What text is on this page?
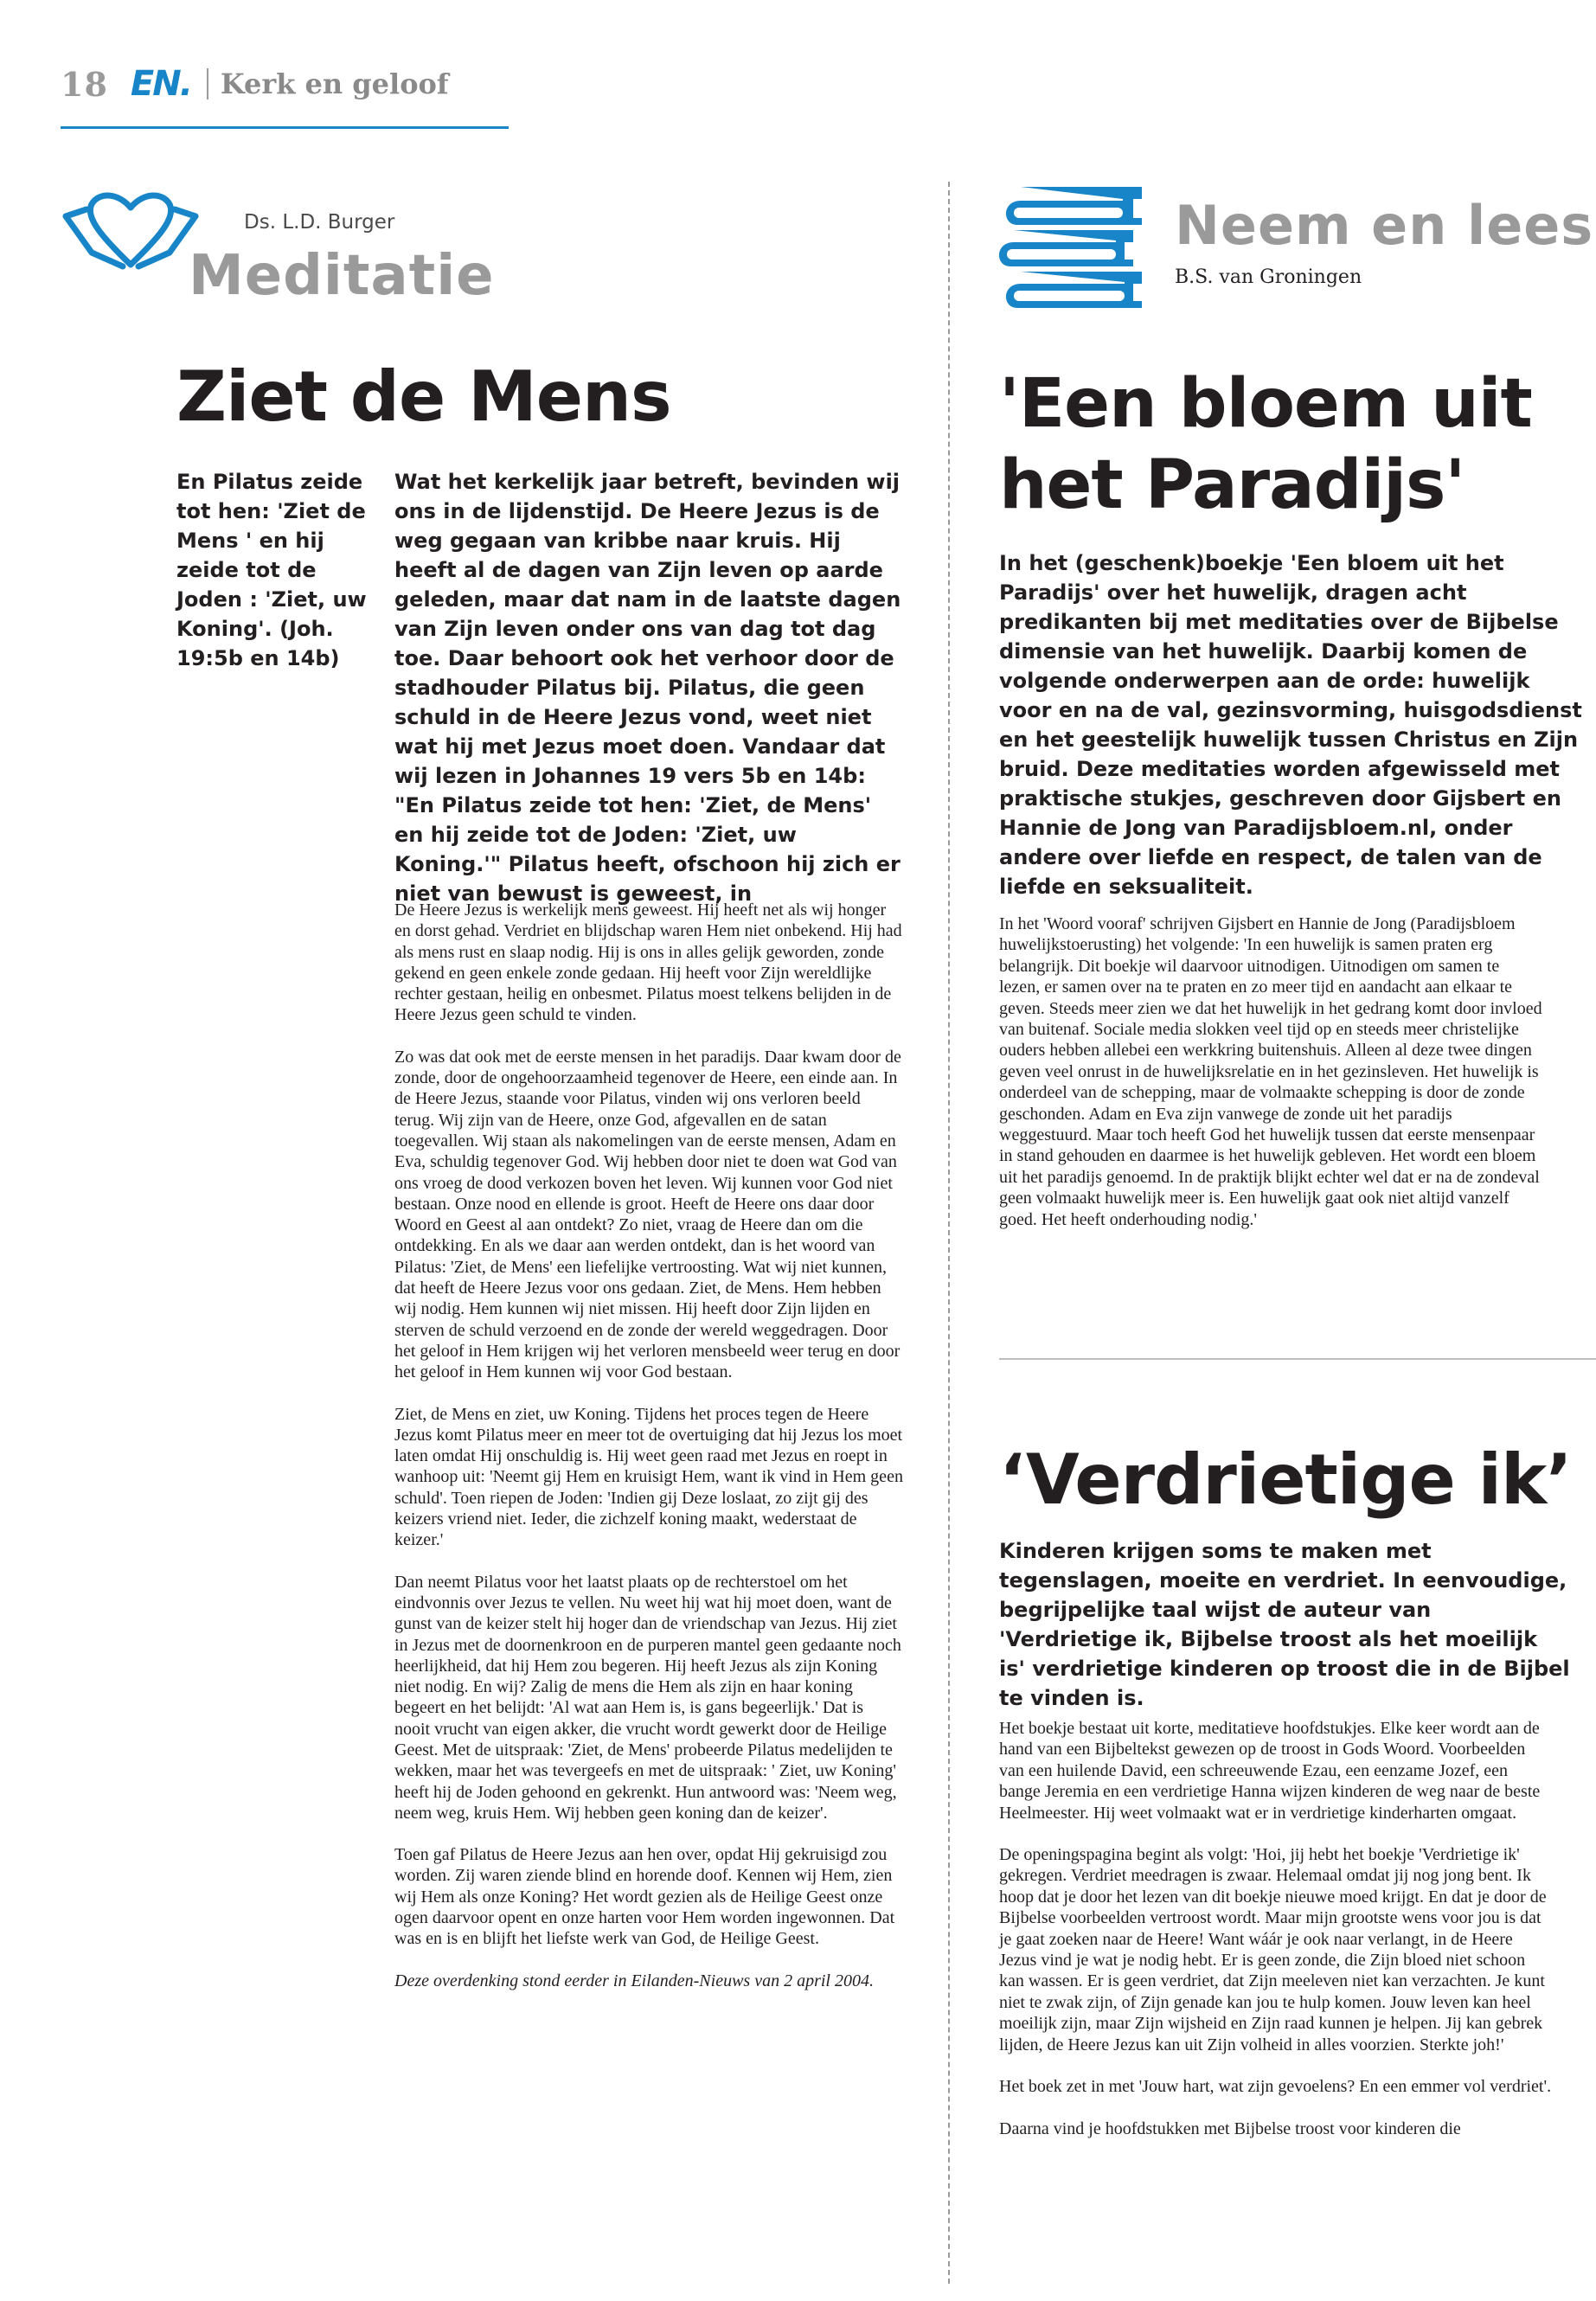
18 EN. Kerk en geloof
Ds. L.D. Burger
Meditatie
Ziet de Mens
En Pilatus zeide tot hen: 'Ziet de Mens ' en hij zeide tot de Joden : 'Ziet, uw Koning'. (Joh. 19:5b en 14b)
Wat het kerkelijk jaar betreft, bevinden wij ons in de lijdenstijd. De Heere Jezus is de weg gegaan van kribbe naar kruis. Hij heeft al de dagen van Zijn leven op aarde geleden, maar dat nam in de laatste dagen van Zijn leven onder ons van dag tot dag toe. Daar behoort ook het verhoor door de stadhouder Pilatus bij. Pilatus, die geen schuld in de Heere Jezus vond, weet niet wat hij met Jezus moet doen. Vandaar dat wij lezen in Johannes 19 vers 5b en 14b: "En Pilatus zeide tot hen: 'Ziet, de Mens' en hij zeide tot de Joden: 'Ziet, uw Koning.'" Pilatus heeft, ofschoon hij zich er niet van bewust is geweest, in

De Heere Jezus is werkelijk mens geweest. Hij heeft net als wij honger en dorst gehad. Verdriet en blijdschap waren Hem niet onbekend. Hij had als mens rust en slaap nodig. Hij is ons in alles gelijk geworden, zonde gekend en geen enkele zonde gedaan. Hij heeft voor Zijn wereldlijke rechter gestaan, heilig en onbesmet. Pilatus moest telkens belijden in de Heere Jezus geen schuld te vinden.

Zo was dat ook met de eerste mensen in het paradijs. Daar kwam door de zonde, door de ongehoorzaamheid tegenover de Heere, een einde aan. In de Heere Jezus, staande voor Pilatus, vinden wij ons verloren beeld terug. Wij zijn van de Heere, onze God, afgevallen en de satan toegevallen. Wij staan als nakomelingen van de eerste mensen, Adam en Eva, schuldig tegenover God. Wij hebben door niet te doen wat God van ons vroeg de dood verkozen boven het leven. Wij kunnen voor God niet bestaan. Onze nood en ellende is groot. Heeft de Heere ons daar door Woord en Geest al aan ontdekt? Zo niet, vraag de Heere dan om die ontdekking. En als we daar aan werden ontdekt, dan is het woord van Pilatus: 'Ziet, de Mens' een liefelijke vertroosting. Wat wij niet kunnen, dat heeft de Heere Jezus voor ons gedaan. Ziet, de Mens. Hem hebben wij nodig. Hem kunnen wij niet missen. Hij heeft door Zijn lijden en sterven de schuld verzoend en de zonde der wereld weggedragen. Door het geloof in Hem krijgen wij het verloren mensbeeld weer terug en door het geloof in Hem kunnen wij voor God bestaan.

Ziet, de Mens en ziet, uw Koning. Tijdens het proces tegen de Heere Jezus komt Pilatus meer en meer tot de overtuiging dat hij Jezus los moet laten omdat Hij onschuldig is. Hij weet geen raad met Jezus en roept in wanhoop uit: 'Neemt gij Hem en kruisigt Hem, want ik vind in Hem geen schuld'. Toen riepen de Joden: 'Indien gij Deze loslaat, zo zijt gij des keizers vriend niet. Ieder, die zichzelf koning maakt, wederstaat de keizer.'

Dan neemt Pilatus voor het laatst plaats op de rechterstoel om het eindvonnis over Jezus te vellen. Nu weet hij wat hij moet doen, want de gunst van de keizer stelt hij hoger dan de vriendschap van Jezus. Hij ziet in Jezus met de doornenkroon en de purperen mantel geen gedaante noch heerlijkheid, dat hij Hem zou begeren. Hij heeft Jezus als zijn Koning niet nodig. En wij? Zalig de mens die Hem als zijn en haar koning begeert en het belijdt: 'Al wat aan Hem is, is gans begeerlijk.' Dat is nooit vrucht van eigen akker, die vrucht wordt gewerkt door de Heilige Geest. Met de uitspraak: 'Ziet, de Mens' probeerde Pilatus medelijden te wekken, maar het was tevergeefs en met de uitspraak: ' Ziet, uw Koning' heeft hij de Joden gehoond en gekrenkt. Hun antwoord was: 'Neem weg, neem weg, kruis Hem. Wij hebben geen koning dan de keizer'.

Toen gaf Pilatus de Heere Jezus aan hen over, opdat Hij gekruisigd zou worden. Zij waren ziende blind en horende doof. Kennen wij Hem, zien wij Hem als onze Koning? Het wordt gezien als de Heilige Geest onze ogen daarvoor opent en onze harten voor Hem worden ingewonnen. Dat was en is en blijft het liefste werk van God, de Heilige Geest.

Deze overdenking stond eerder in Eilanden-Nieuws van 2 april 2004.

Neem en lees
B.S. van Groningen
'Een bloem uit
het Paradijs'
In het (geschenk)boekje 'Een bloem uit het Paradijs' over het huwelijk, dragen acht predikanten bij met meditaties over de Bijbelse dimensie van het huwelijk. Daarbij komen de volgende onderwerpen aan de orde: huwelijk voor en na de val, gezinsvorming, huisgodsdienst en het geestelijk huwelijk tussen Christus en Zijn bruid. Deze meditaties worden afgewisseld met praktische stukjes, geschreven door Gijsbert en Hannie de Jong van Paradijsbloem.nl, onder andere over liefde en respect, de talen van de liefde en seksualiteit.
In het 'Woord vooraf' schrijven Gijsbert en Hannie de Jong (Paradijsbloem huwelijkstoerusting) het volgende: 'In een huwelijk is samen praten erg belangrijk. Dit boekje wil daarvoor uitnodigen. Uitnodigen om samen te lezen, er samen over na te praten en zo meer tijd en aandacht aan elkaar te geven. Steeds meer zien we dat het huwelijk in het gedrang komt door invloed van buitenaf. Sociale media slokken veel tijd op en steeds meer christelijke ouders hebben allebei een werkkring buitenshuis. Alleen al deze twee dingen geven veel onrust in de huwelijksrelatie en in het gezinsleven. Het huwelijk is onderdeel van de schepping, maar de volmaakte schepping is door de zonde geschonden. Adam en Eva zijn vanwege de zonde uit het paradijs weggestuurd. Maar toch heeft God het huwelijk tussen dat eerste mensenpaar in stand gehouden en daarmee is het huwelijk gebleven. Het wordt een bloem uit het paradijs genoemd. In de praktijk blijkt echter wel dat er na de zondeval geen volmaakt huwelijk meer is. Een huwelijk gaat ook niet altijd vanzelf goed. Het heeft onderhouding nodig.'
‘Verdrietige ik’
Kinderen krijgen soms te maken met tegenslagen, moeite en verdriet. In eenvoudige, begrijpelijke taal wijst de auteur van 'Verdrietige ik, Bijbelse troost als het moeilijk is' verdrietige kinderen op troost die in de Bijbel te vinden is.

Het boekje bestaat uit korte, meditatieve hoofdstukjes. Elke keer wordt aan de hand van een Bijbeltekst gewezen op de troost in Gods Woord. Voorbeelden van een huilende David, een schreeuwende Ezau, een eenzame Jozef, een bange Jeremia en een verdrietige Hanna wijzen kinderen de weg naar de beste Heelmeester. Hij weet volmaakt wat er in verdrietige kinderharten omgaat.

De openingspagina begint als volgt: 'Hoi, jij hebt het boekje 'Verdrietige ik' gekregen. Verdriet meedragen is zwaar. Helemaal omdat jij nog jong bent. Ik hoop dat je door het lezen van dit boekje nieuwe moed krijgt. En dat je door de Bijbelse voorbeelden vertroost wordt. Maar mijn grootste wens voor jou is dat je gaat zoeken naar de Heere! Want wáár je ook naar verlangt, in de Heere Jezus vind je wat je nodig hebt. Er is geen zonde, die Zijn bloed niet schoon kan wassen. Er is geen verdriet, dat Zijn meeleven niet kan verzachten. Je kunt niet te zwak zijn, of Zijn genade kan jou te hulp komen. Jouw leven kan heel moeilijk zijn, maar Zijn wijsheid en Zijn raad kunnen je helpen. Jij kan gebrek lijden, de Heere Jezus kan uit Zijn volheid in alles voorzien. Sterkte joh!'

Het boek zet in met 'Jouw hart, wat zijn gevoelens? En een emmer vol verdriet'.

Daarna vind je hoofdstukken met Bijbelse troost voor kinderen die
